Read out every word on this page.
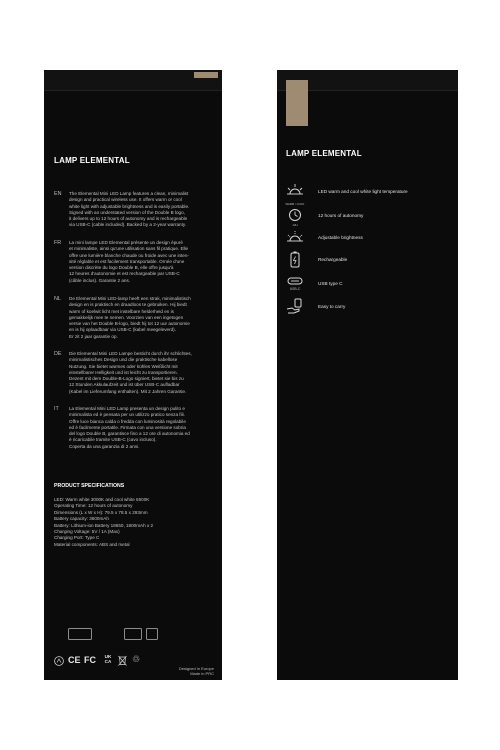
LAMP ELEMENTAL
EN The Elemental Mini LED Lamp features a clean, minimalist
design and practical wireless use. It offers warm or cool
white light with adjustable brightness and is easily portable.
Signed with an understated version of the Double B logo,
it delivers up to 12 hours of autonomy and is rechargeable
via USB-C (cable included). Backed by a 2-year warranty.
FR La mini lampe LED Elemental présente un design épuré
et minimaliste, ainsi qu'une utilisation sans fil pratique. Elle
offre une lumière blanche chaude ou froide avec une inten-
sité réglable et est facilement transportable. Ornée d'une
version discrète du logo Double B, elle offre jusqu'à
12 heures d'autonomie et est rechargeable par USB-C
(câble inclus). Garantie 2 ans.
NL De Elemental Mini LED-lamp heeft een strak, minimalistisch
design en is praktisch en draadloos te gebruiken. Hij biedt
warm of koelwit licht met instelbare helderheid en is
gemakkelijk mee te nemen. Voorzien van een ingetogen
versie van het Double B-logo, biedt hij tot 12 uur autonomie
en is hij oplaadbaar via USB-C (kabel meegeleverd).
Er zit 2 jaar garantie op.
DE Die Elemental Mini LED Lampe besticht durch ihr schlichtes,
minimalistisches Design und die praktische kabellose
Nutzung. Sie bietet warmes oder kühles Weißlicht mit
einstellbarer Helligkeit und ist leicht zu transportieren.
Dezent mit dem Double-B-Logo signiert, bietet sie bis zu
12 Stunden Akkulaufzeit und ist über USB-C aufladbar
(Kabel im Lieferumfang enthalten). Mit 2 Jahren Garantie.
IT La Elemental Mini LED Lamp presenta un design pulito e
minimalista ed è pensata per un utilizzo pratico senza fili.
Offre luce bianca calda o fredda con luminosità regolabile
ed è facilmente portatile. Firmata con una versione sobria
del logo Double B, garantisce fino a 12 ore di autonomia ed
è ricaricabile tramite USB-C (cavo incluso).
Coperta da una garanzia di 2 anni.
PRODUCT SPECIFICATIONS
LED: Warm white 3000K and cool white 6500K
Operating Time: 12 hours of autonomy
Dimensions (L x W x H): 79.5 x 78.5 x 293mm
Battery capacity: 3600mAh
Battery: Lithium-ion Battery 18650, 1800mAh x 2
Charging Voltage: 5V / 1A (Max)
Charging Port: Type C
Material components: ABS and metal
CE FC	UK CA ♲
Designed in Europe
Made in PRC
LAMP ELEMENTAL
WARM / COOL
LED warm and cool white light temperature
12H
12 hours of autonomy
Adjustable brightness
Rechargeable
USB-C
USB type C
Easy to carry
